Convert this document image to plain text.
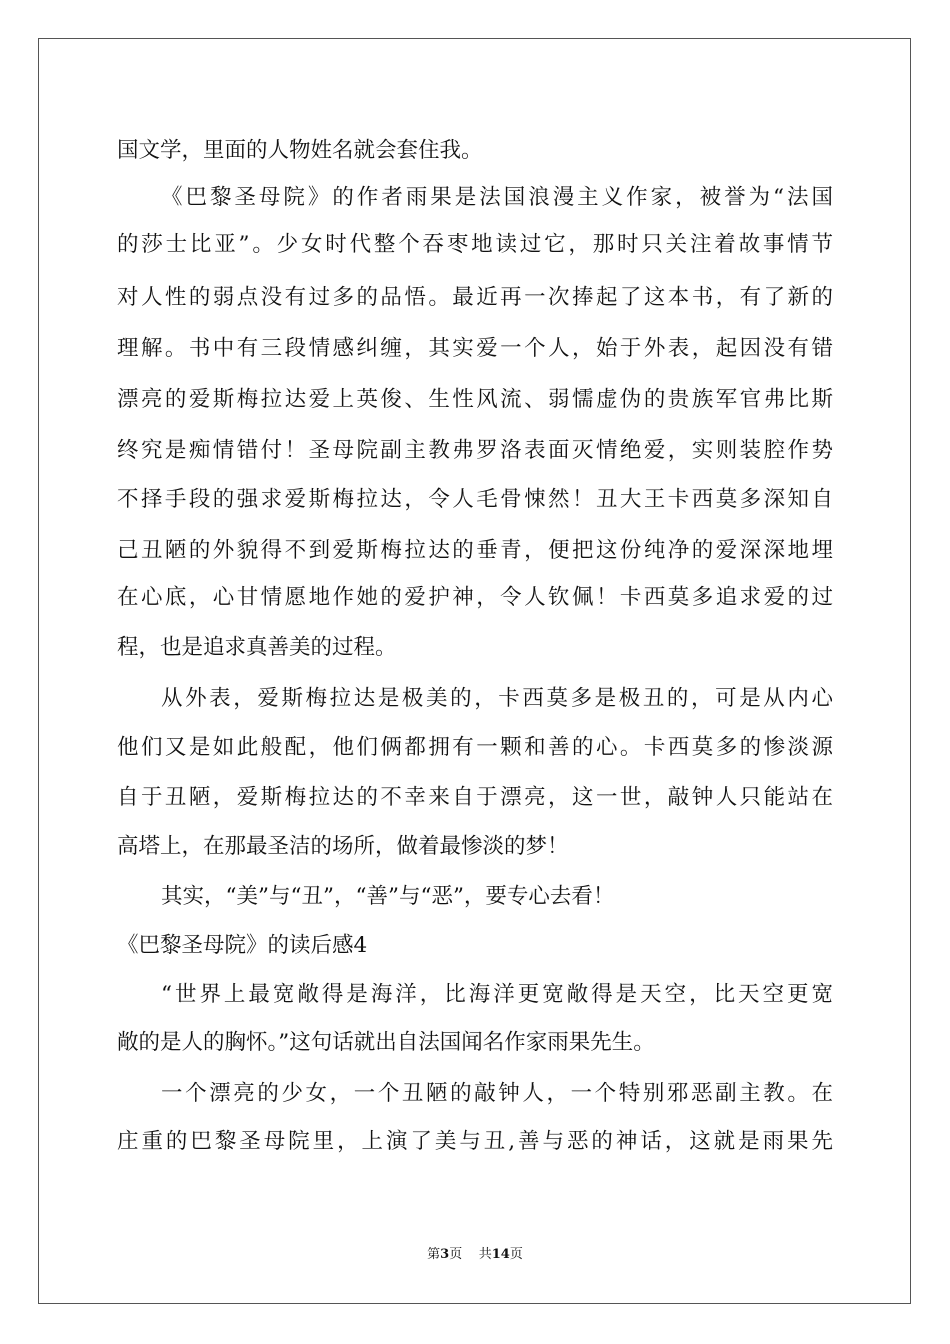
国文学，里面的人物姓名就会套住我。
《巴黎圣母院》的作者雨果是法国浪漫主义作家，被誉为“法国
的莎士比亚”。少女时代整个吞枣地读过它，那时只关注着故事情节
对人性的弱点没有过多的品悟。最近再一次捧起了这本书，有了新的
理解。书中有三段情感纠缠，其实爱一个人，始于外表，起因没有错
漂亮的爱斯梅拉达爱上英俊、生性风流、弱懦虚伪的贵族军官弗比斯
终究是痴情错付！圣母院副主教弗罗洛表面灭情绝爱，实则装腔作势
不择手段的强求爱斯梅拉达，令人毛骨悚然！丑大王卡西莫多深知自
己丑陋的外貌得不到爱斯梅拉达的垂青，便把这份纯净的爱深深地埋
在心底，心甘情愿地作她的爱护神，令人钦佩！卡西莫多追求爱的过
程，也是追求真善美的过程。
从外表，爱斯梅拉达是极美的，卡西莫多是极丑的，可是从内心
他们又是如此般配，他们俩都拥有一颗和善的心。卡西莫多的惨淡源
自于丑陋，爱斯梅拉达的不幸来自于漂亮，这一世，敲钟人只能站在
高塔上，在那最圣洁的场所，做着最惨淡的梦！
其实，“美”与“丑”，“善”与“恶”，要专心去看！
《巴黎圣母院》的读后感4
“世界上最宽敞得是海洋，比海洋更宽敞得是天空，比天空更宽
敞的是人的胸怀。”这句话就出自法国闻名作家雨果先生。
一个漂亮的少女，一个丑陋的敲钟人，一个特别邪恶副主教。在
庄重的巴黎圣母院里，上演了美与丑,善与恶的神话，这就是雨果先
第3页 共14页
